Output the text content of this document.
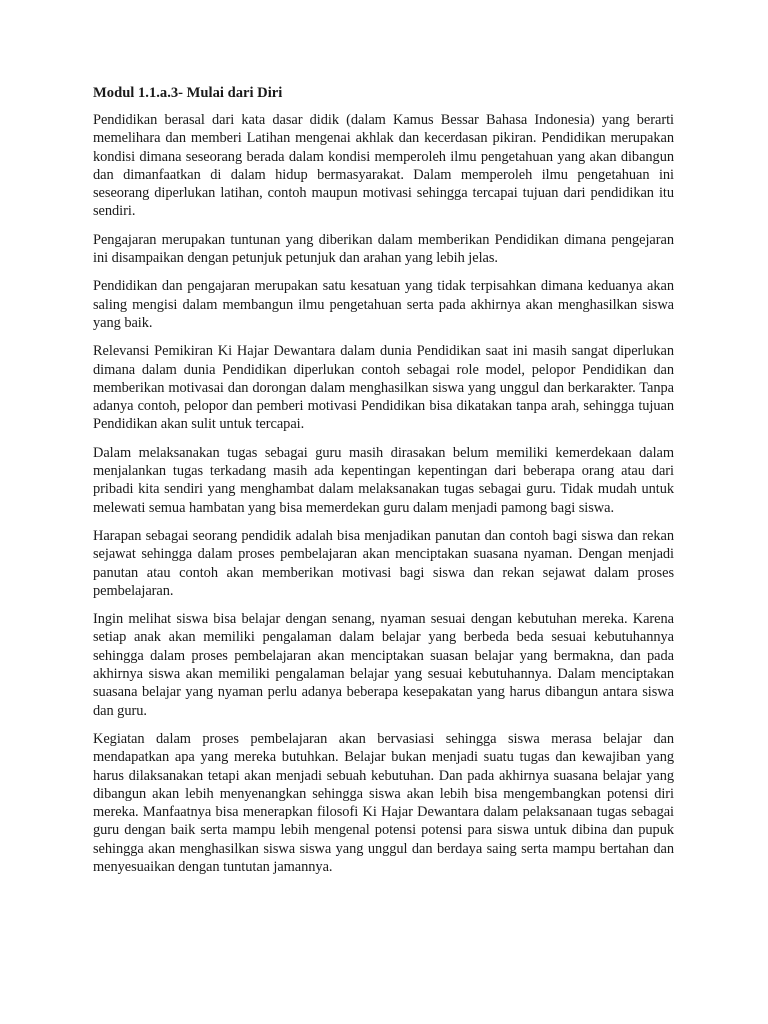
Modul 1.1.a.3- Mulai dari Diri

Pendidikan berasal dari kata dasar didik (dalam Kamus Bessar Bahasa Indonesia) yang berarti memelihara dan memberi Latihan mengenai akhlak dan kecerdasan pikiran. Pendidikan merupakan kondisi dimana seseorang berada dalam kondisi memperoleh ilmu pengetahuan yang akan dibangun dan dimanfaatkan di dalam hidup bermasyarakat. Dalam memperoleh ilmu pengetahuan ini seseorang diperlukan latihan, contoh maupun motivasi sehingga tercapai tujuan dari pendidikan itu sendiri.

Pengajaran merupakan tuntunan yang diberikan dalam memberikan Pendidikan dimana pengejaran ini disampaikan dengan petunjuk petunjuk dan arahan yang lebih jelas.

Pendidikan dan pengajaran merupakan satu kesatuan yang tidak terpisahkan dimana keduanya akan saling mengisi dalam membangun ilmu pengetahuan serta pada akhirnya akan menghasilkan siswa yang baik.

Relevansi Pemikiran Ki Hajar Dewantara dalam dunia Pendidikan saat ini masih sangat diperlukan dimana dalam dunia Pendidikan diperlukan contoh sebagai role model, pelopor Pendidikan dan memberikan motivasai dan dorongan dalam menghasilkan siswa yang unggul dan berkarakter. Tanpa adanya contoh, pelopor dan pemberi motivasi Pendidikan bisa dikatakan tanpa arah, sehingga tujuan Pendidikan akan sulit untuk tercapai.

Dalam melaksanakan tugas sebagai guru masih dirasakan belum memiliki kemerdekaan dalam menjalankan tugas terkadang masih ada kepentingan kepentingan dari beberapa orang atau dari pribadi kita sendiri yang menghambat dalam melaksanakan tugas sebagai guru. Tidak mudah untuk melewati semua hambatan yang bisa memerdekan guru dalam menjadi pamong bagi siswa.

Harapan sebagai seorang pendidik adalah bisa menjadikan panutan dan contoh bagi siswa dan rekan sejawat sehingga dalam proses pembelajaran akan menciptakan suasana nyaman. Dengan menjadi panutan atau contoh akan memberikan motivasi bagi siswa dan rekan sejawat dalam proses pembelajaran.

Ingin melihat siswa bisa belajar dengan senang, nyaman sesuai dengan kebutuhan mereka. Karena setiap anak akan memiliki pengalaman dalam belajar yang berbeda beda sesuai kebutuhannya sehingga dalam proses pembelajaran akan menciptakan suasan belajar yang bermakna, dan pada akhirnya siswa akan memiliki pengalaman belajar yang sesuai kebutuhannya. Dalam menciptakan suasana belajar yang nyaman perlu adanya beberapa kesepakatan yang harus dibangun antara siswa dan guru.

Kegiatan dalam proses pembelajaran akan bervasiasi sehingga siswa merasa belajar dan mendapatkan apa yang mereka butuhkan. Belajar bukan menjadi suatu tugas dan kewajiban yang harus dilaksanakan tetapi akan menjadi sebuah kebutuhan. Dan pada akhirnya suasana belajar yang dibangun akan lebih menyenangkan sehingga siswa akan lebih bisa mengembangkan potensi diri mereka. Manfaatnya bisa menerapkan filosofi Ki Hajar Dewantara dalam pelaksanaan tugas sebagai guru dengan baik serta mampu lebih mengenal potensi potensi para siswa untuk dibina dan pupuk sehingga akan menghasilkan siswa siswa yang unggul dan berdaya saing serta mampu bertahan dan menyesuaikan dengan tuntutan jamannya.
